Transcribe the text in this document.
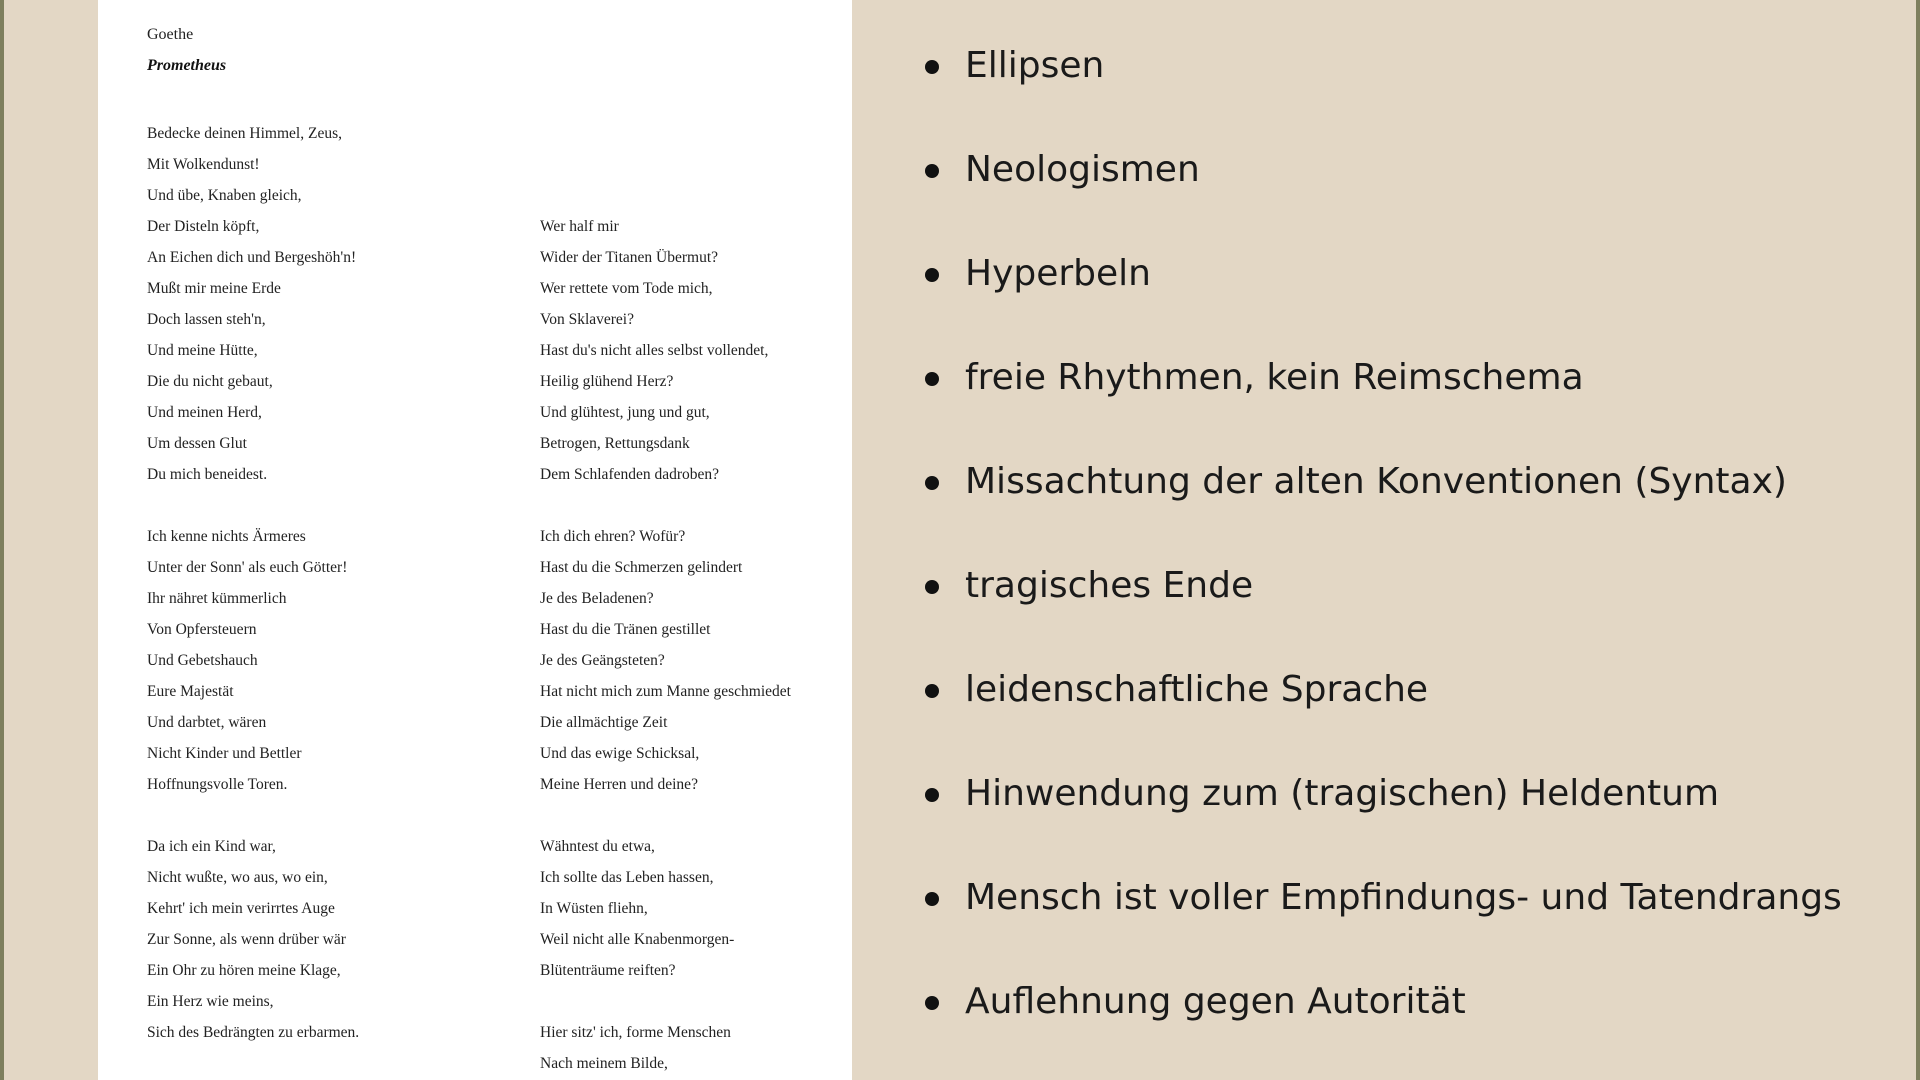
Goethe
Prometheus
Bedecke deinen Himmel, Zeus,
Mit Wolkendunst!
Und übe, Knaben gleich,
Der Disteln köpft,
An Eichen dich und Bergeshöh'n!
Mußt mir meine Erde
Doch lassen steh'n,
Und meine Hütte,
Die du nicht gebaut,
Und meinen Herd,
Um dessen Glut
Du mich beneidest.
Ich kenne nichts Ärmeres
Unter der Sonn' als euch Götter!
Ihr nähret kümmerlich
Von Opfersteuern
Und Gebetshauch
Eure Majestät
Und darbtet, wären
Nicht Kinder und Bettler
Hoffnungsvolle Toren.
Da ich ein Kind war,
Nicht wußte, wo aus, wo ein,
Kehrt' ich mein verirrtes Auge
Zur Sonne, als wenn drüber wär
Ein Ohr zu hören meine Klage,
Ein Herz wie meins,
Sich des Bedrängten zu erbarmen.
Wer half mir
Wider der Titanen Übermut?
Wer rettete vom Tode mich,
Von Sklaverei?
Hast du's nicht alles selbst vollendet,
Heilig glühend Herz?
Und glühtest, jung und gut,
Betrogen, Rettungsdank
Dem Schlafenden dadroben?
Ich dich ehren? Wofür?
Hast du die Schmerzen gelindert
Je des Beladenen?
Hast du die Tränen gestillet
Je des Geängsteten?
Hat nicht mich zum Manne geschmiedet
Die allmächtige Zeit
Und das ewige Schicksal,
Meine Herren und deine?
Wähntest du etwa,
Ich sollte das Leben hassen,
In Wüsten fliehn,
Weil nicht alle Knabenmorgen-
Blütenträume reiften?
Hier sitz' ich, forme Menschen
Nach meinem Bilde,
Ellipsen
Neologismen
Hyperbeln
freie Rhythmen, kein Reimschema
Missachtung der alten Konventionen (Syntax)
tragisches Ende
leidenschaftliche Sprache
Hinwendung zum (tragischen) Heldentum
Mensch ist voller Empfindungs- und Tatendrangs
Auflehnung gegen Autorität
